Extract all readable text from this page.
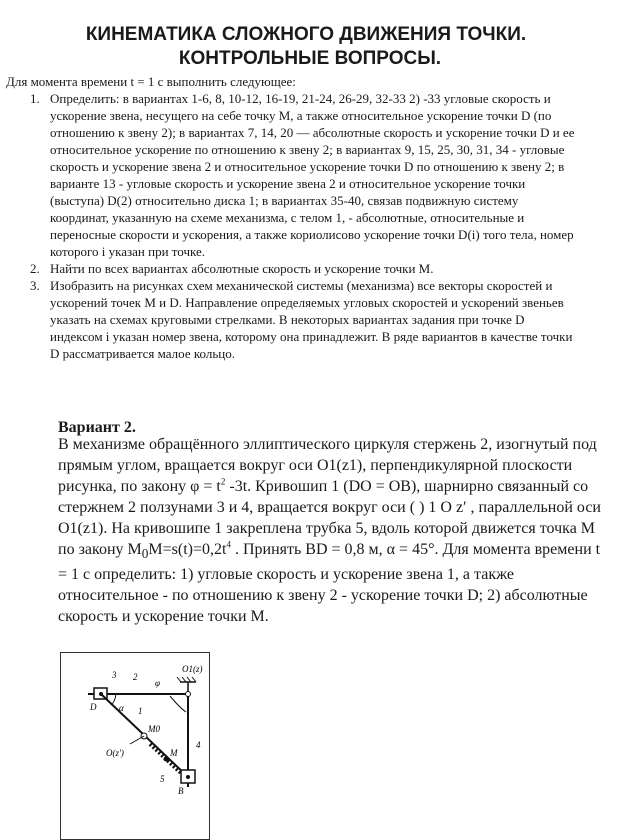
КИНЕМАТИКА СЛОЖНОГО ДВИЖЕНИЯ ТОЧКИ.
КОНТРОЛЬНЫЕ ВОПРОСЫ.
Для момента времени t = 1 с выполнить следующее:
1. Определить: в вариантах 1-6, 8, 10-12, 16-19, 21-24, 26-29, 32-33 2) -33 угловые скорость и ускорение звена, несущего на себе точку М, а также относительное ускорение точки D (по отношению к звену 2); в вариантах 7, 14, 20 — абсолютные скорость и ускорение точки D и ее относительное ускорение по отношению к звену 2; в вариантах 9, 15, 25, 30, 31, 34 - угловые скорость и ускорение звена 2 и относительное ускорение точки D по отношению к звену 2; в варианте 13 - угловые скорость и ускорение звена 2 и относительное ускорение точки (выступа) D(2) относительно диска 1; в вариантах 35-40, связав подвижную систему координат, указанную на схеме механизма, с телом 1, - абсолютные, относительные и переносные скорости и ускорения, а также кориолисово ускорение точки D(i) того тела, номер которого i указан при точке.
2. Найти по всех вариантах абсолютные скорость и ускорение точки М.
3. Изобразить на рисунках схем механической системы (механизма) все векторы скоростей и ускорений точек М и D. Направление определяемых угловых скоростей и ускорений звеньев указать на схемах круговыми стрелками. В некоторых вариантах задания при точке D индексом i указан номер звена, которому она принадлежит. В ряде вариантов в качестве точки D рассматривается малое кольцо.
Вариант 2.

В механизме обращённого эллиптического циркуля стержень 2, изогнутый под прямым углом, вращается вокруг оси O1(z1), перпендикулярной плоскости рисунка, по закону $\varphi = t^2$ -3t. Кривошип 1 (DO = OB), шарнирно связанный со стержнем 2 ползунами 3 и 4, вращается вокруг оси ( ) 1 O z′ , параллельной оси O1(z1). На кривошипе 1 закреплена трубка 5, вдоль которой движется точка M по закону $M_0M=s(t)=0,2t^4$ . Принять BD = 0,8 м, α = 45°. Для момента времени t = 1 с определить: 1) угловые скорость и ускорение звена 1, а также относительное - по отношению к звену 2 - ускорение точки D; 2) абсолютные скорость и ускорение точки M.

3 2
O1(z)
φ
D	α 1
O(z')
M0
M
4
5
B
